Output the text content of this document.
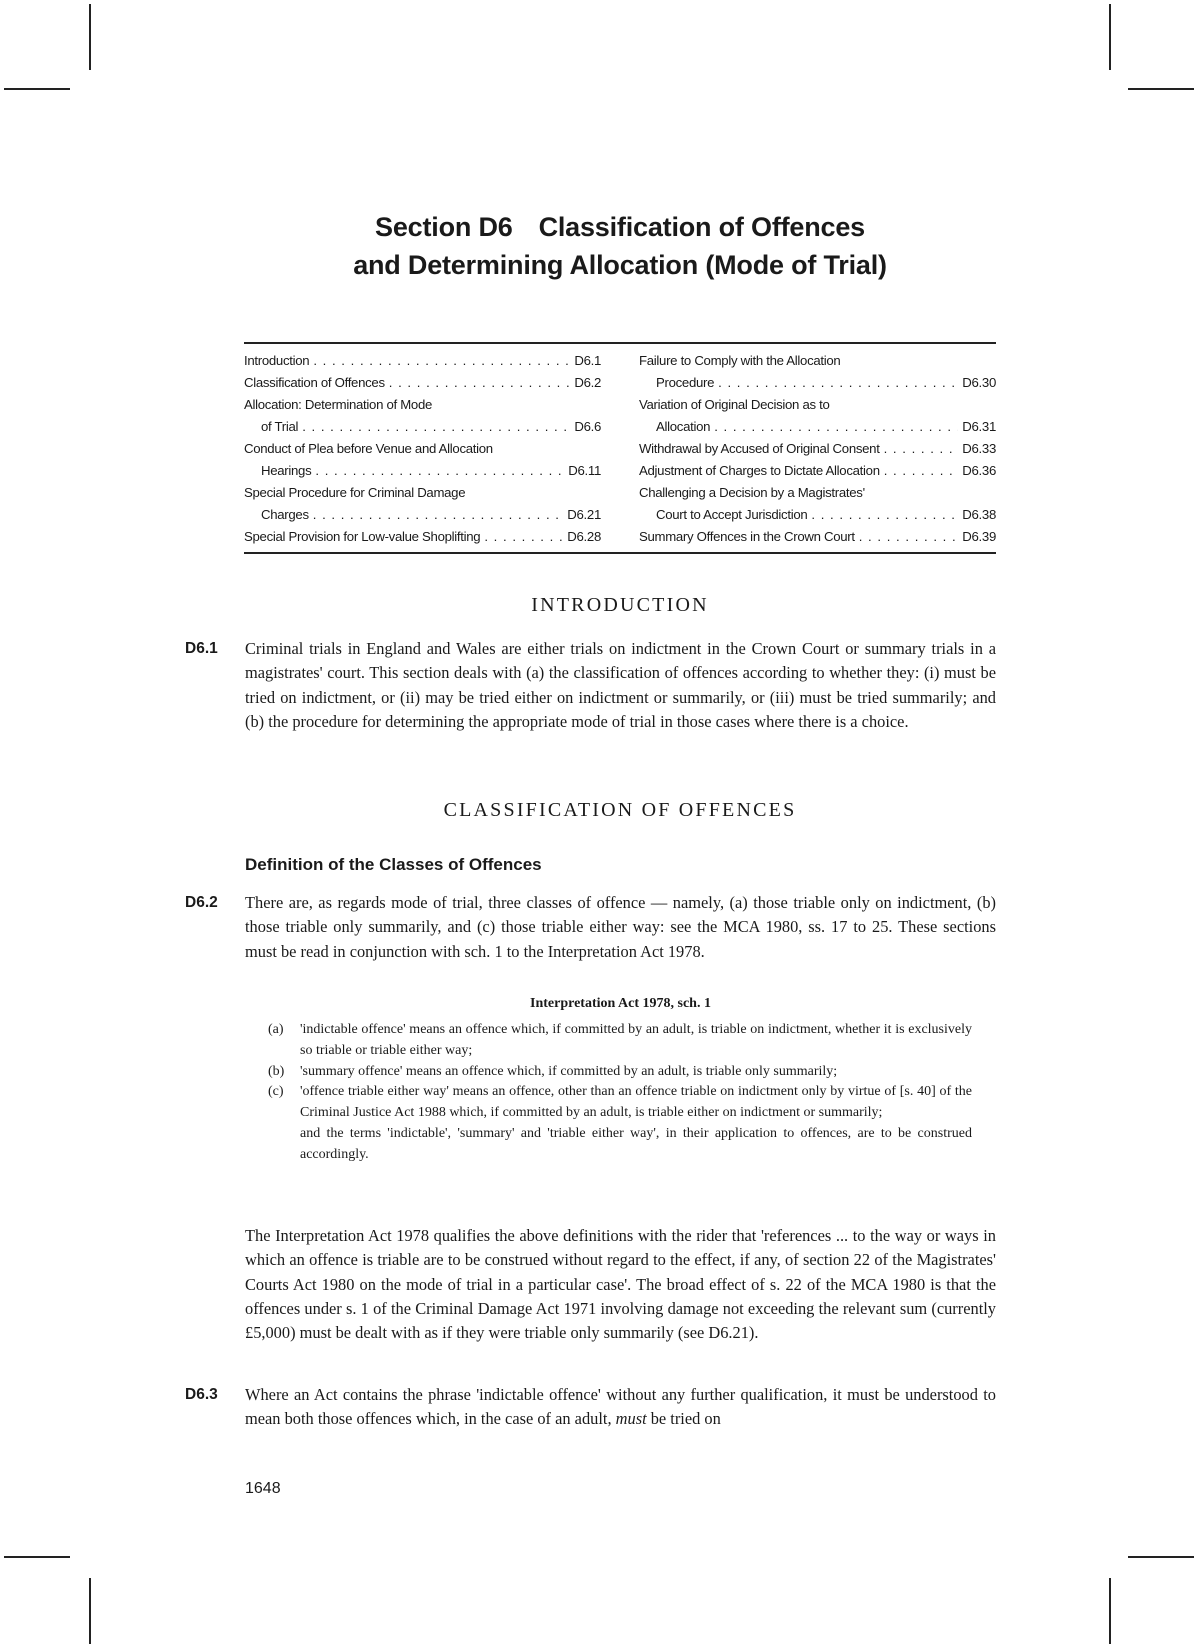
Section D6 Classification of Offences
and Determining Allocation (Mode of Trial)
Introduction . . .	D6.1
Classification of Offences . . .	D6.2
Allocation: Determination of Mode
of Trial . . .	D6.6
Conduct of Plea before Venue and Allocation
Hearings . . .	D6.11
Special Procedure for Criminal Damage
Charges . . .	D6.21
Special Provision for Low-value Shoplifting . . .	D6.28
Failure to Comply with the Allocation
Procedure . . .	D6.30
Variation of Original Decision as to
Allocation . . .	D6.31
Withdrawal by Accused of Original Consent . . .	D6.33
Adjustment of Charges to Dictate Allocation . . .	D6.36
Challenging a Decision by a Magistrates'
Court to Accept Jurisdiction . . .	D6.38
Summary Offences in the Crown Court . . .	D6.39
INTRODUCTION
D6.1 Criminal trials in England and Wales are either trials on indictment in the Crown Court or summary trials in a magistrates' court. This section deals with (a) the classification of offences according to whether they: (i) must be tried on indictment, or (ii) may be tried either on indictment or summarily, or (iii) must be tried summarily; and (b) the procedure for determining the appropriate mode of trial in those cases where there is a choice.
CLASSIFICATION OF OFFENCES
Definition of the Classes of Offences
D6.2 There are, as regards mode of trial, three classes of offence — namely, (a) those triable only on indictment, (b) those triable only summarily, and (c) those triable either way: see the MCA 1980, ss. 17 to 25. These sections must be read in conjunction with sch. 1 to the Interpretation Act 1978.
Interpretation Act 1978, sch. 1
(a)	'indictable offence' means an offence which, if committed by an adult, is triable on indictment, whether it is exclusively so triable or triable either way;
(b)	'summary offence' means an offence which, if committed by an adult, is triable only summarily;
(c)	'offence triable either way' means an offence, other than an offence triable on indictment only by virtue of [s. 40] of the Criminal Justice Act 1988 which, if committed by an adult, is triable either on indictment or summarily;
and the terms 'indictable', 'summary' and 'triable either way', in their application to offences, are to be construed accordingly.
The Interpretation Act 1978 qualifies the above definitions with the rider that 'references ... to the way or ways in which an offence is triable are to be construed without regard to the effect, if any, of section 22 of the Magistrates' Courts Act 1980 on the mode of trial in a particular case'. The broad effect of s. 22 of the MCA 1980 is that the offences under s. 1 of the Criminal Damage Act 1971 involving damage not exceeding the relevant sum (currently £5,000) must be dealt with as if they were triable only summarily (see D6.21).
D6.3 Where an Act contains the phrase 'indictable offence' without any further qualification, it must be understood to mean both those offences which, in the case of an adult, must be tried on
1648
